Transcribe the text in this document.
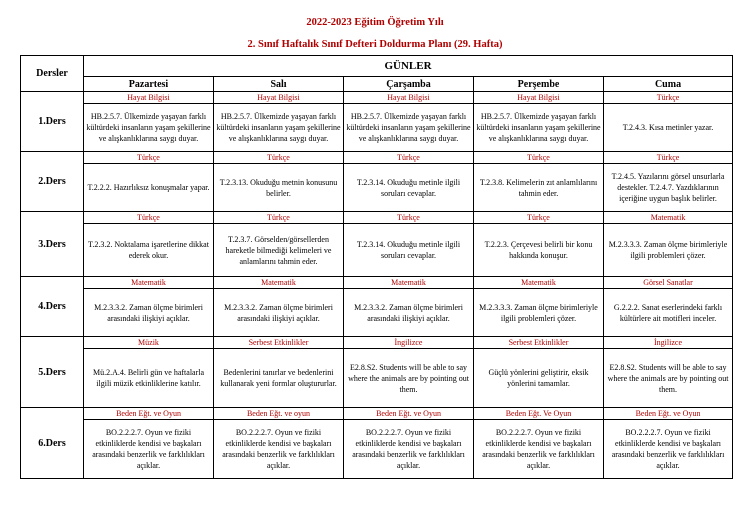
2022-2023 Eğitim Öğretim Yılı
2. Sınıf Haftalık Sınıf Defteri Doldurma Planı (29. Hafta)
Dersler	GÜNLER				
	Pazartesi	Salı	Çarşamba	Perşembe	Cuma
1.Ders	Hayat Bilgisi	Hayat Bilgisi	Hayat Bilgisi	Hayat Bilgisi	Türkçe
	HB.2.5.7. Ülkemizde yaşayan farklı kültürdeki insanların yaşam şekillerine ve alışkanlıklarına saygı duyar.	HB.2.5.7. Ülkemizde yaşayan farklı kültürdeki insanların yaşam şekillerine ve alışkanlıklarına saygı duyar.	HB.2.5.7. Ülkemizde yaşayan farklı kültürdeki insanların yaşam şekillerine ve alışkanlıklarına saygı duyar.	HB.2.5.7. Ülkemizde yaşayan farklı kültürdeki insanların yaşam şekillerine ve alışkanlıklarına saygı duyar.	T.2.4.3. Kısa metinler yazar.
2.Ders	Türkçe	Türkçe	Türkçe	Türkçe	Türkçe
	T.2.2.2. Hazırlıksız konuşmalar yapar.	T.2.3.13. Okuduğu metnin konusunu belirler.	T.2.3.14. Okuduğu metinle ilgili soruları cevaplar.	T.2.3.8. Kelimelerin zıt anlamlılarını tahmin eder.	T.2.4.5. Yazılarını görsel unsurlarla destekler. T.2.4.7. Yazdıklarının içeriğine uygun başlık belirler.
3.Ders	Türkçe	Türkçe	Türkçe	Türkçe	Matematik
	T.2.3.2. Noktalama işaretlerine dikkat ederek okur.	T.2.3.7. Görselden/görsellerden hareketle bilmediği kelimeleri ve anlamlarını tahmin eder.	T.2.3.14. Okuduğu metinle ilgili soruları cevaplar.	T.2.2.3. Çerçevesi belirli bir konu hakkında konuşur.	M.2.3.3.3. Zaman ölçme birimleriyle ilgili problemleri çözer.
4.Ders	Matematik	Matematik	Matematik	Matematik	Görsel Sanatlar
	M.2.3.3.2. Zaman ölçme birimleri arasındaki ilişkiyi açıklar.	M.2.3.3.2. Zaman ölçme birimleri arasındaki ilişkiyi açıklar.	M.2.3.3.2. Zaman ölçme birimleri arasındaki ilişkiyi açıklar.	M.2.3.3.3. Zaman ölçme birimleriyle ilgili problemleri çözer.	G.2.2.2. Sanat eserlerindeki farklı kültürlere ait motifleri inceler.
5.Ders	Müzik	Serbest Etkinlikler	İngilizce	Serbest Etkinlikler	İngilizce
	Mü.2.A.4. Belirli gün ve haftalarla ilgili müzik etkinliklerine katılır.	Bedenlerini tanırlar ve bedenlerini kullanarak yeni formlar oluştururlar.	E2.8.S2. Students will be able to say where the animals are by pointing out them.	Güçlü yönlerini geliştirir, eksik yönlerini tamamlar.	E2.8.S2. Students will be able to say where the animals are by pointing out them.
6.Ders	Beden Eğt. ve Oyun	Beden Eğt. ve oyun	Beden Eğt. ve Oyun	Beden Eğt. Ve Oyun	Beden Eğt. ve Oyun
	BO.2.2.2.7. Oyun ve fiziki etkinliklerde kendisi ve başkaları arasındaki benzerlik ve farklılıkları açıklar.	BO.2.2.2.7. Oyun ve fiziki etkinliklerde kendisi ve başkaları arasındaki benzerlik ve farklılıkları açıklar.	BO.2.2.2.7. Oyun ve fiziki etkinliklerde kendisi ve başkaları arasındaki benzerlik ve farklılıkları açıklar.	BO.2.2.2.7. Oyun ve fiziki etkinliklerde kendisi ve başkaları arasındaki benzerlik ve farklılıkları açıklar.	BO.2.2.2.7. Oyun ve fiziki etkinliklerde kendisi ve başkaları arasındaki benzerlik ve farklılıkları açıklar.
